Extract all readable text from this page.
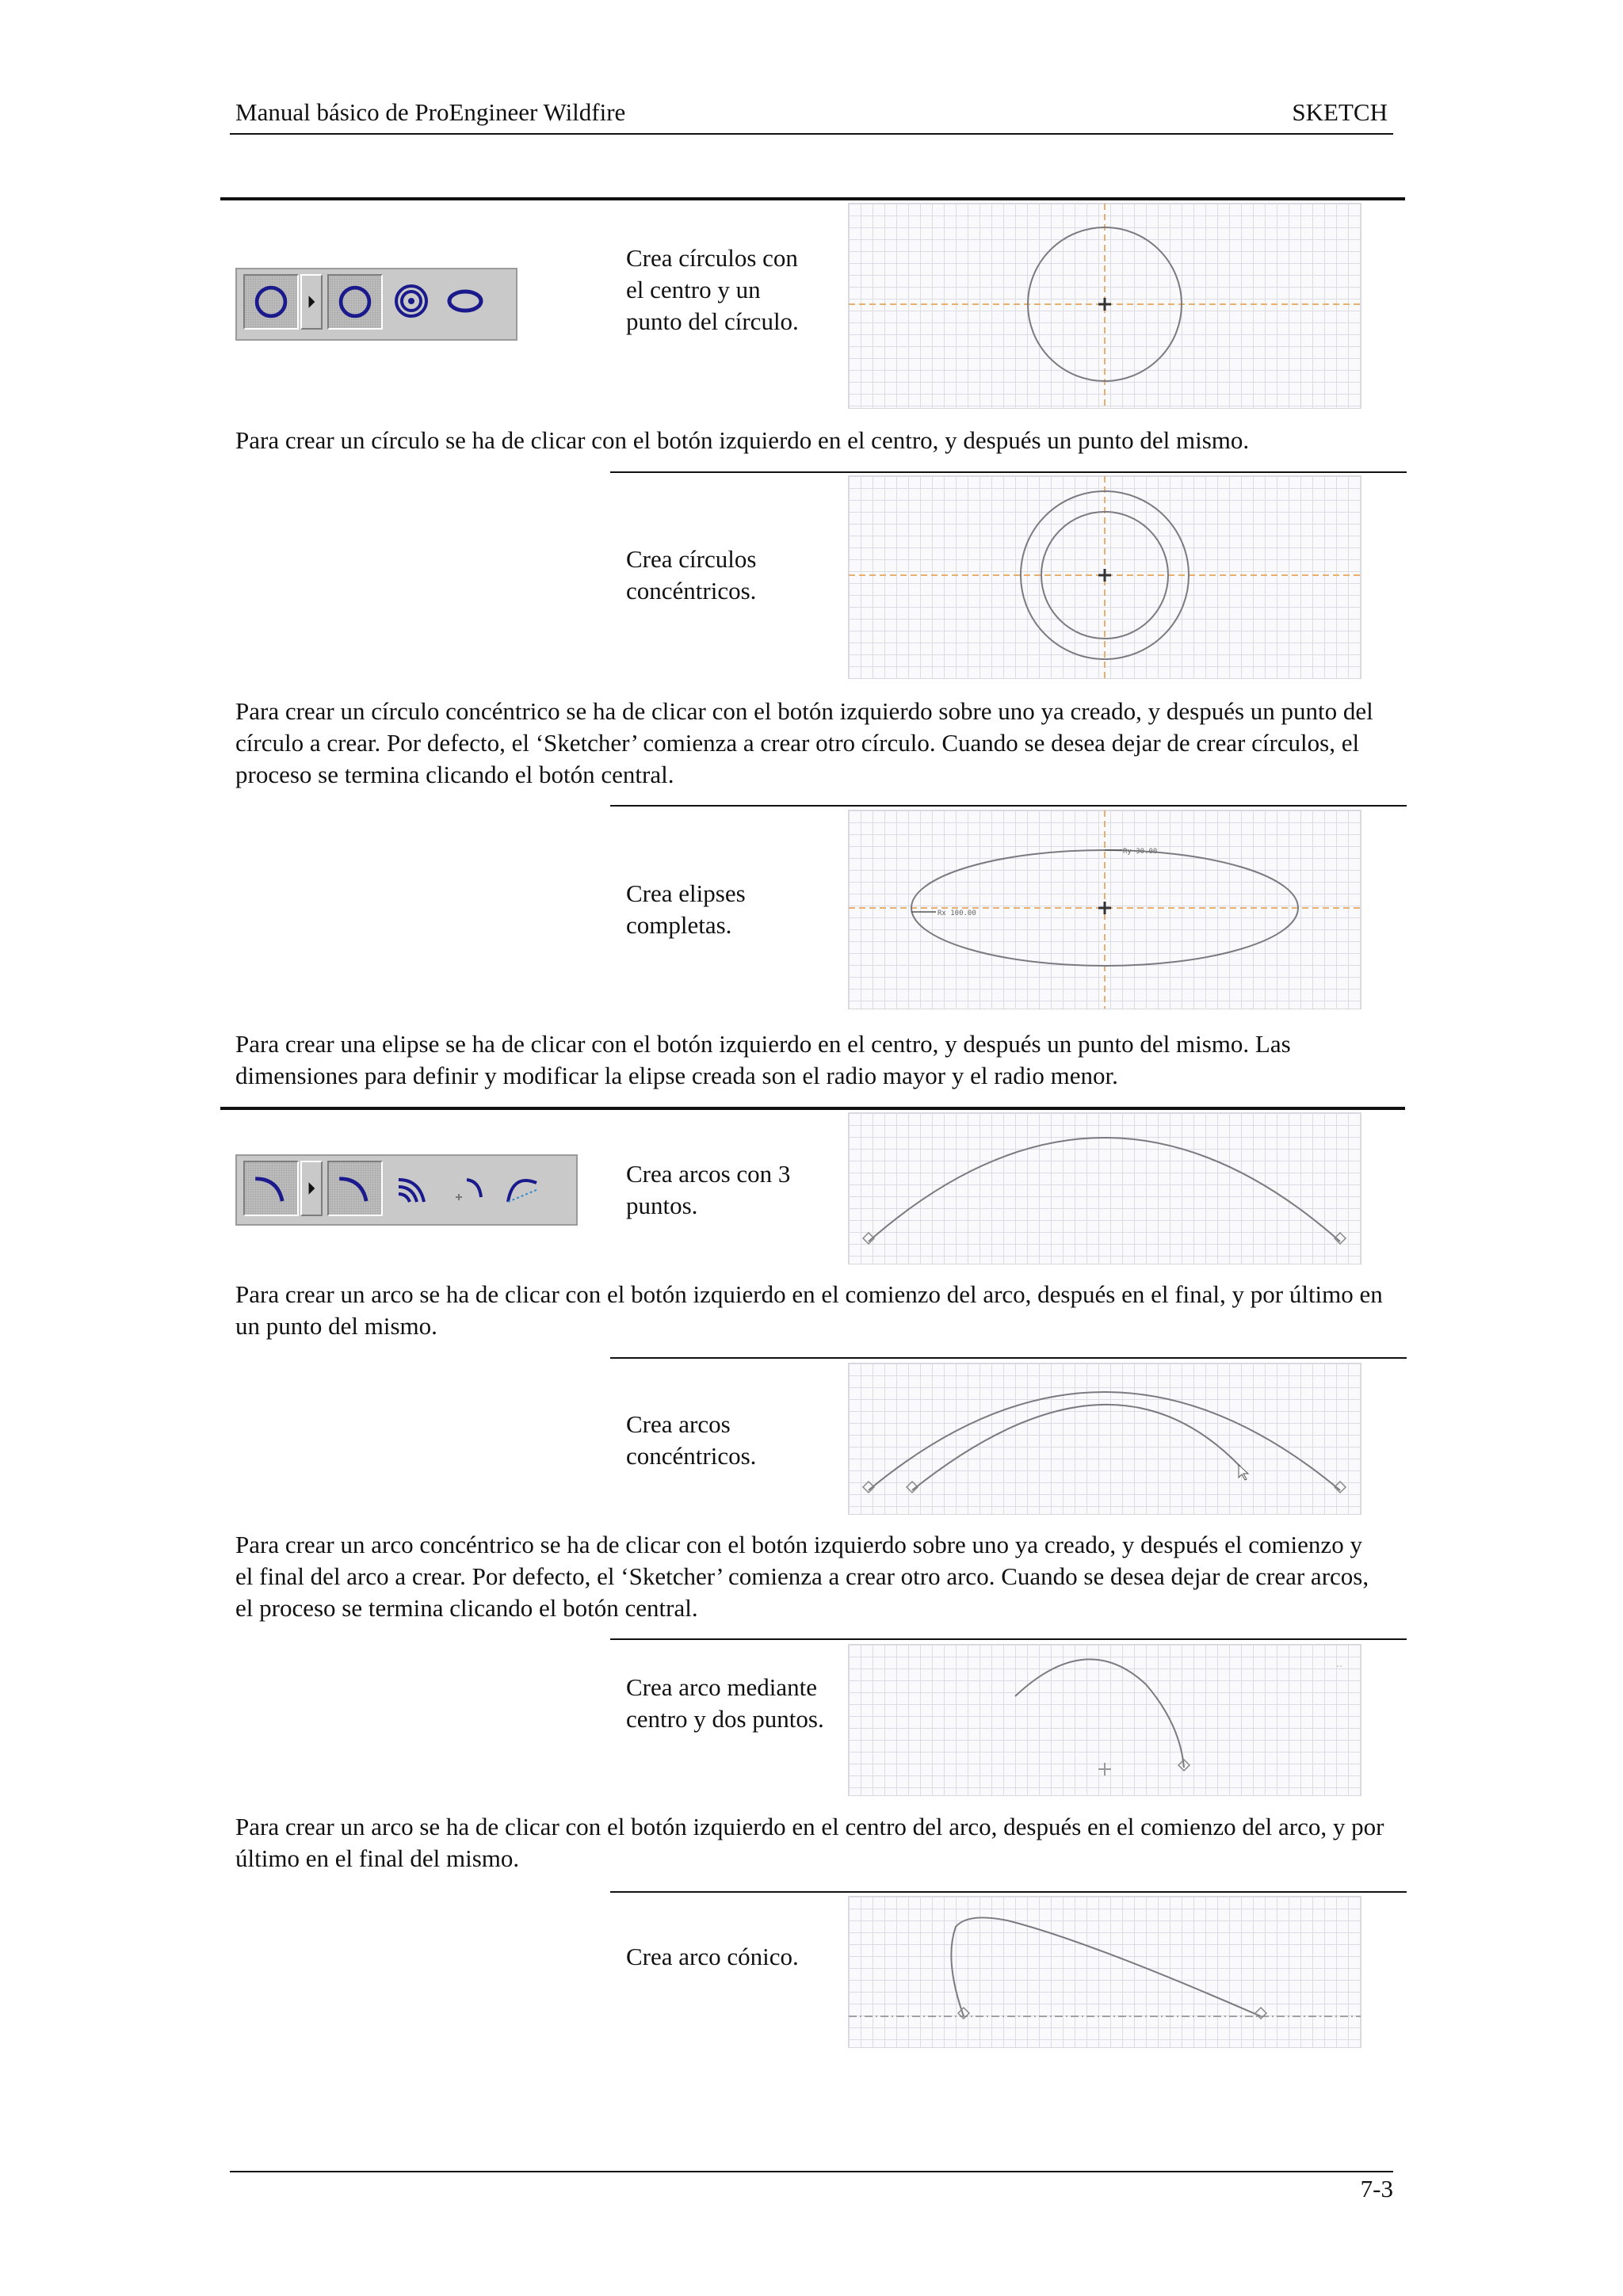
Manual básico de ProEngineer Wildfire	SKETCH
Crea círculos con el centro y un punto del círculo.
Para crear un círculo se ha de clicar con el botón izquierdo en el centro, y después un punto del mismo.
Crea círculos concéntricos.
Para crear un círculo concéntrico se ha de clicar con el botón izquierdo sobre uno ya creado, y después un punto del círculo a crear. Por defecto, el ‘Sketcher’ comienza a crear otro círculo. Cuando se desea dejar de crear círculos, el proceso se termina clicando el botón central.
Crea elipses completas.	Rx 100.00
Ry 30.00
Para crear una elipse se ha de clicar con el botón izquierdo en el centro, y después un punto del mismo. Las dimensiones para definir y modificar la elipse creada son el radio mayor y el radio menor.
Crea arcos con 3 puntos.
Para crear un arco se ha de clicar con el botón izquierdo en el comienzo del arco, después en el final, y por último en un punto del mismo.
Crea arcos concéntricos.
Para crear un arco concéntrico se ha de clicar con el botón izquierdo sobre uno ya creado, y después el comienzo y el final del arco a crear. Por defecto, el ‘Sketcher’ comienza a crear otro arco. Cuando se desea dejar de crear arcos, el proceso se termina clicando el botón central.
Crea arco mediante centro y dos puntos.
Para crear un arco se ha de clicar con el botón izquierdo en el centro del arco, después en el comienzo del arco, y por último en el final del mismo.
Crea arco cónico.
7-3
